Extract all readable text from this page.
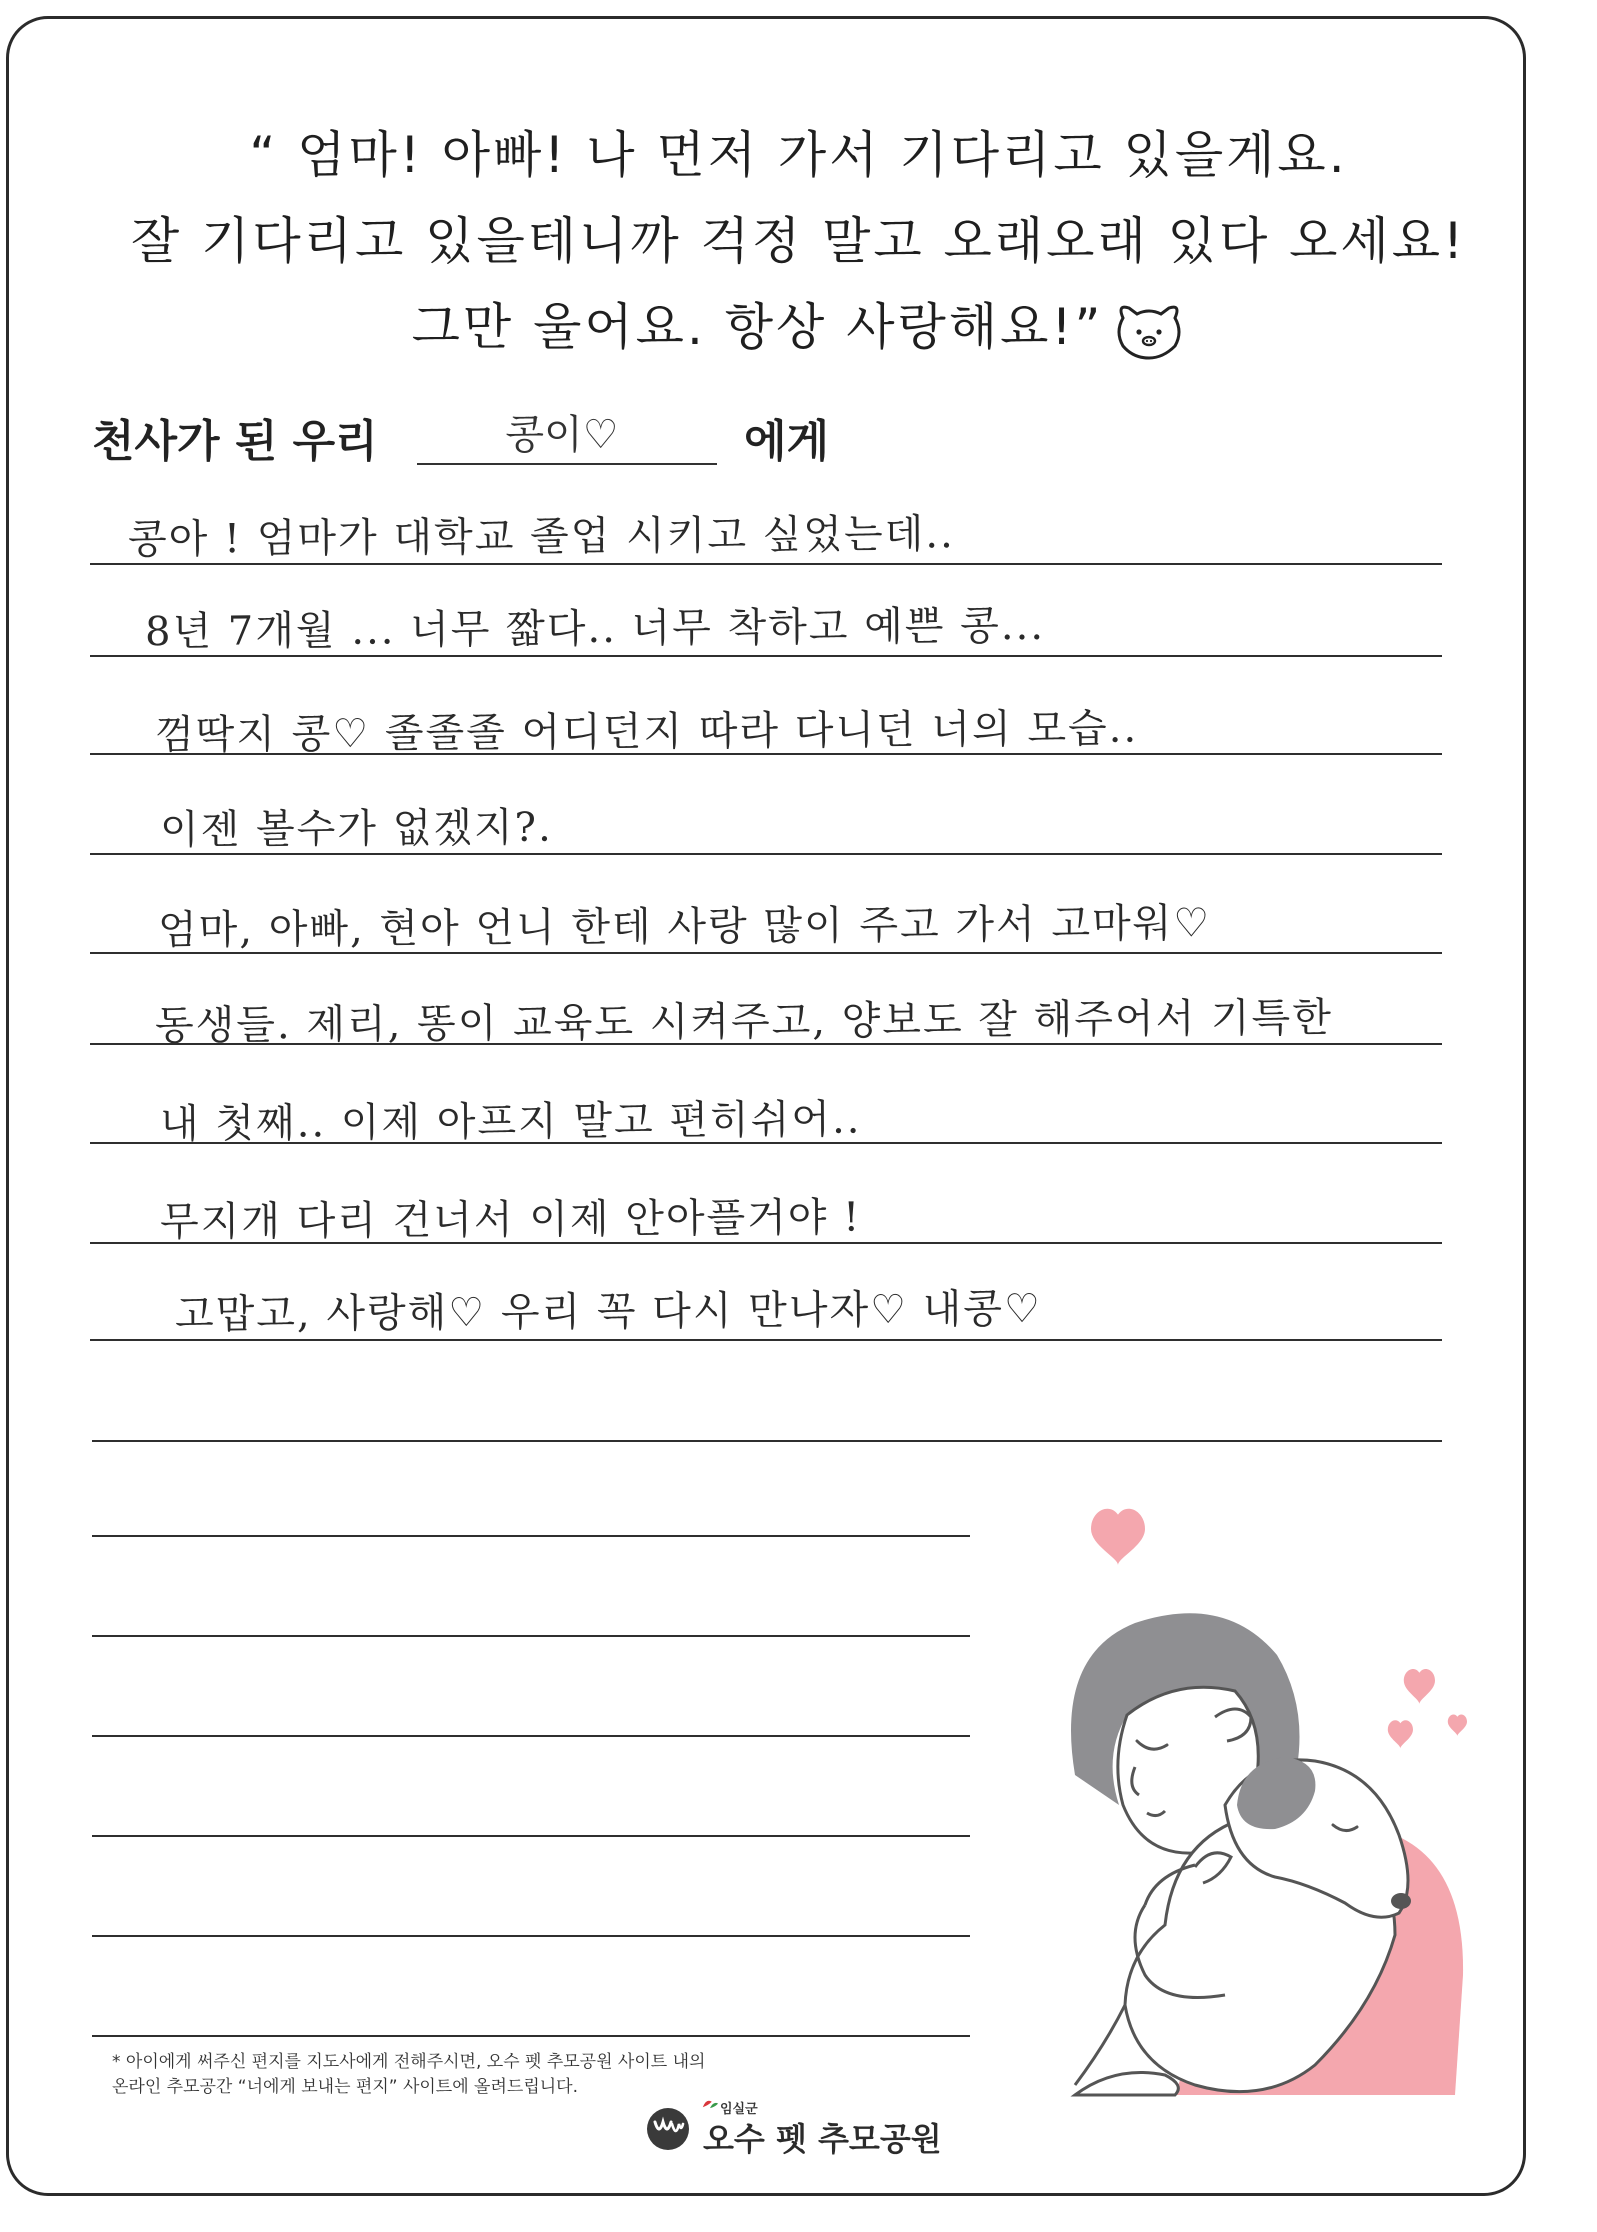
“ 엄마! 아빠! 나 먼저 가서 기다리고 있을게요.
잘 기다리고 있을테니까 걱정 말고 오래오래 있다 오세요!
그만 울어요. 항상 사랑해요!”
천사가 된 우리	콩이♡	에게
콩아 ! 엄마가 대학교 졸업 시키고 싶었는데..
8년 7개월 ... 너무 짧다.. 너무 착하고 예쁜 콩...
껌딱지 콩♡ 졸졸졸 어디던지 따라 다니던 너의 모습..
이젠 볼수가 없겠지?.
엄마, 아빠, 현아 언니 한테 사랑 많이 주고 가서 고마워♡
동생들. 제리, 똥이 교육도 시켜주고, 양보도 잘 해주어서 기특한
내 첫째.. 이제 아프지 말고 편히쉬어..
무지개 다리 건너서 이제 안아플거야 !
고맙고, 사랑해♡ 우리 꼭 다시 만나자♡ 내콩♡
* 아이에게 써주신 편지를 지도사에게 전해주시면, 오수 펫 추모공원 사이트 내의
온라인 추모공간 “너에게 보내는 편지” 사이트에 올려드립니다.
임실군
오수 펫 추모공원
